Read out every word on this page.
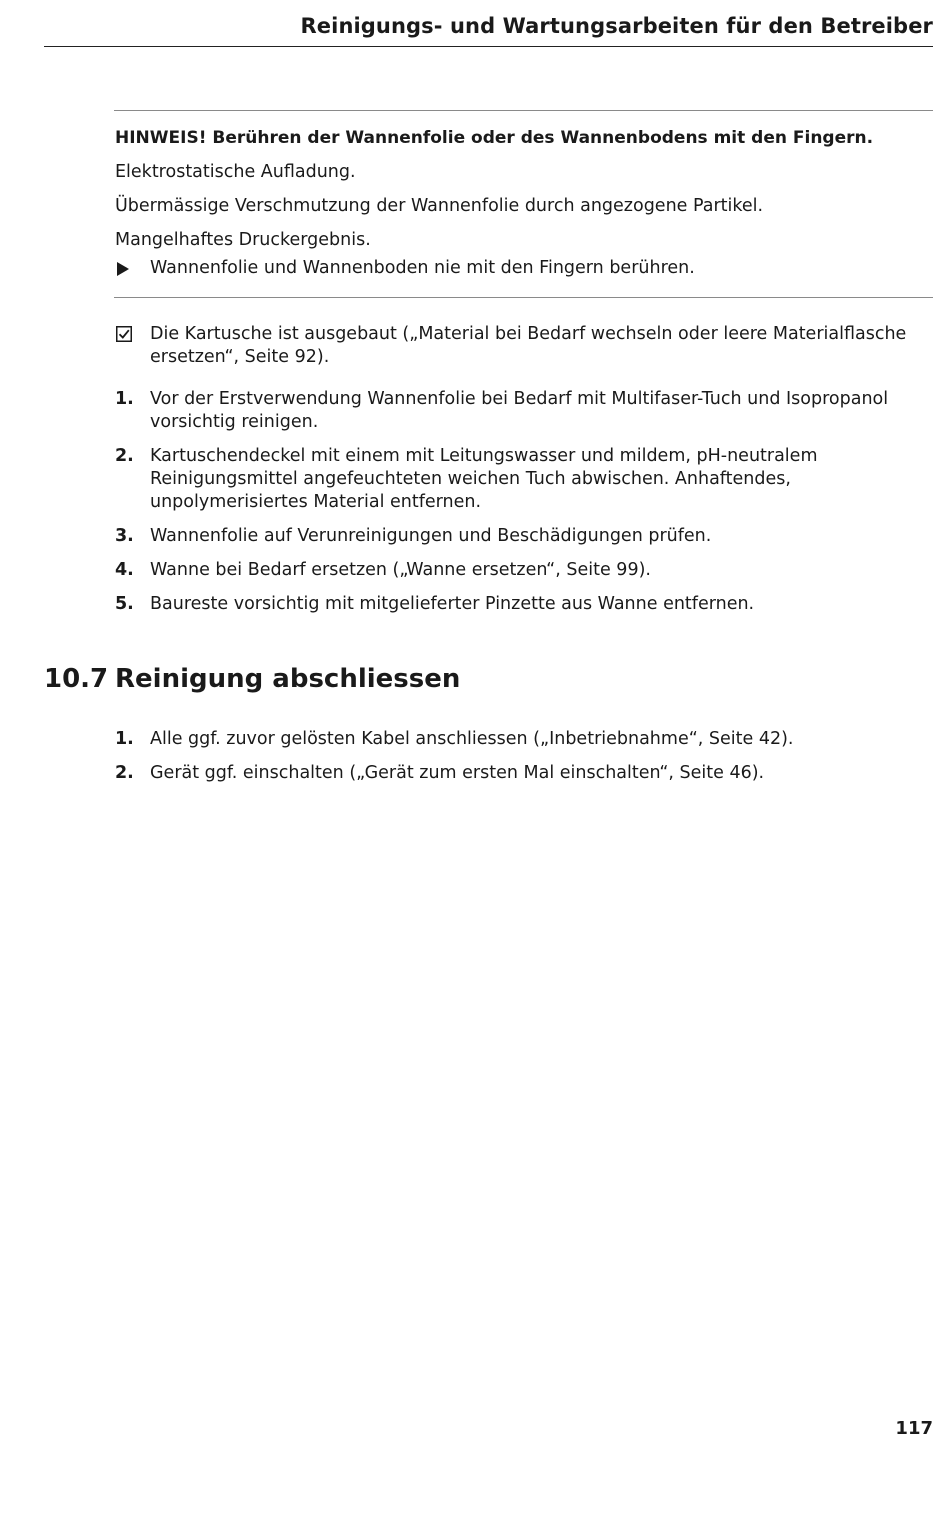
Reinigungs- und Wartungsarbeiten für den Betreiber
HINWEIS! Berühren der Wannenfolie oder des Wannenbodens mit den Fingern.
Elektrostatische Aufladung.
Übermässige Verschmutzung der Wannenfolie durch angezogene Partikel.
Mangelhaftes Druckergebnis.
Wannenfolie und Wannenboden nie mit den Fingern berühren.
Die Kartusche ist ausgebaut („Material bei Bedarf wechseln oder leere Materialflasche ersetzen“, Seite 92).
1. Vor der Erstverwendung Wannenfolie bei Bedarf mit Multifaser-Tuch und Isopropanol vorsichtig reinigen.
2. Kartuschendeckel mit einem mit Leitungswasser und mildem, pH-neutralem Reinigungsmittel angefeuchteten weichen Tuch abwischen. Anhaftendes, unpolymerisiertes Material entfernen.
3. Wannenfolie auf Verunreinigungen und Beschädigungen prüfen.
4. Wanne bei Bedarf ersetzen („Wanne ersetzen“, Seite 99).
5. Baureste vorsichtig mit mitgelieferter Pinzette aus Wanne entfernen.
10.7 Reinigung abschliessen
1. Alle ggf. zuvor gelösten Kabel anschliessen („Inbetriebnahme“, Seite 42).
2. Gerät ggf. einschalten („Gerät zum ersten Mal einschalten“, Seite 46).
117
